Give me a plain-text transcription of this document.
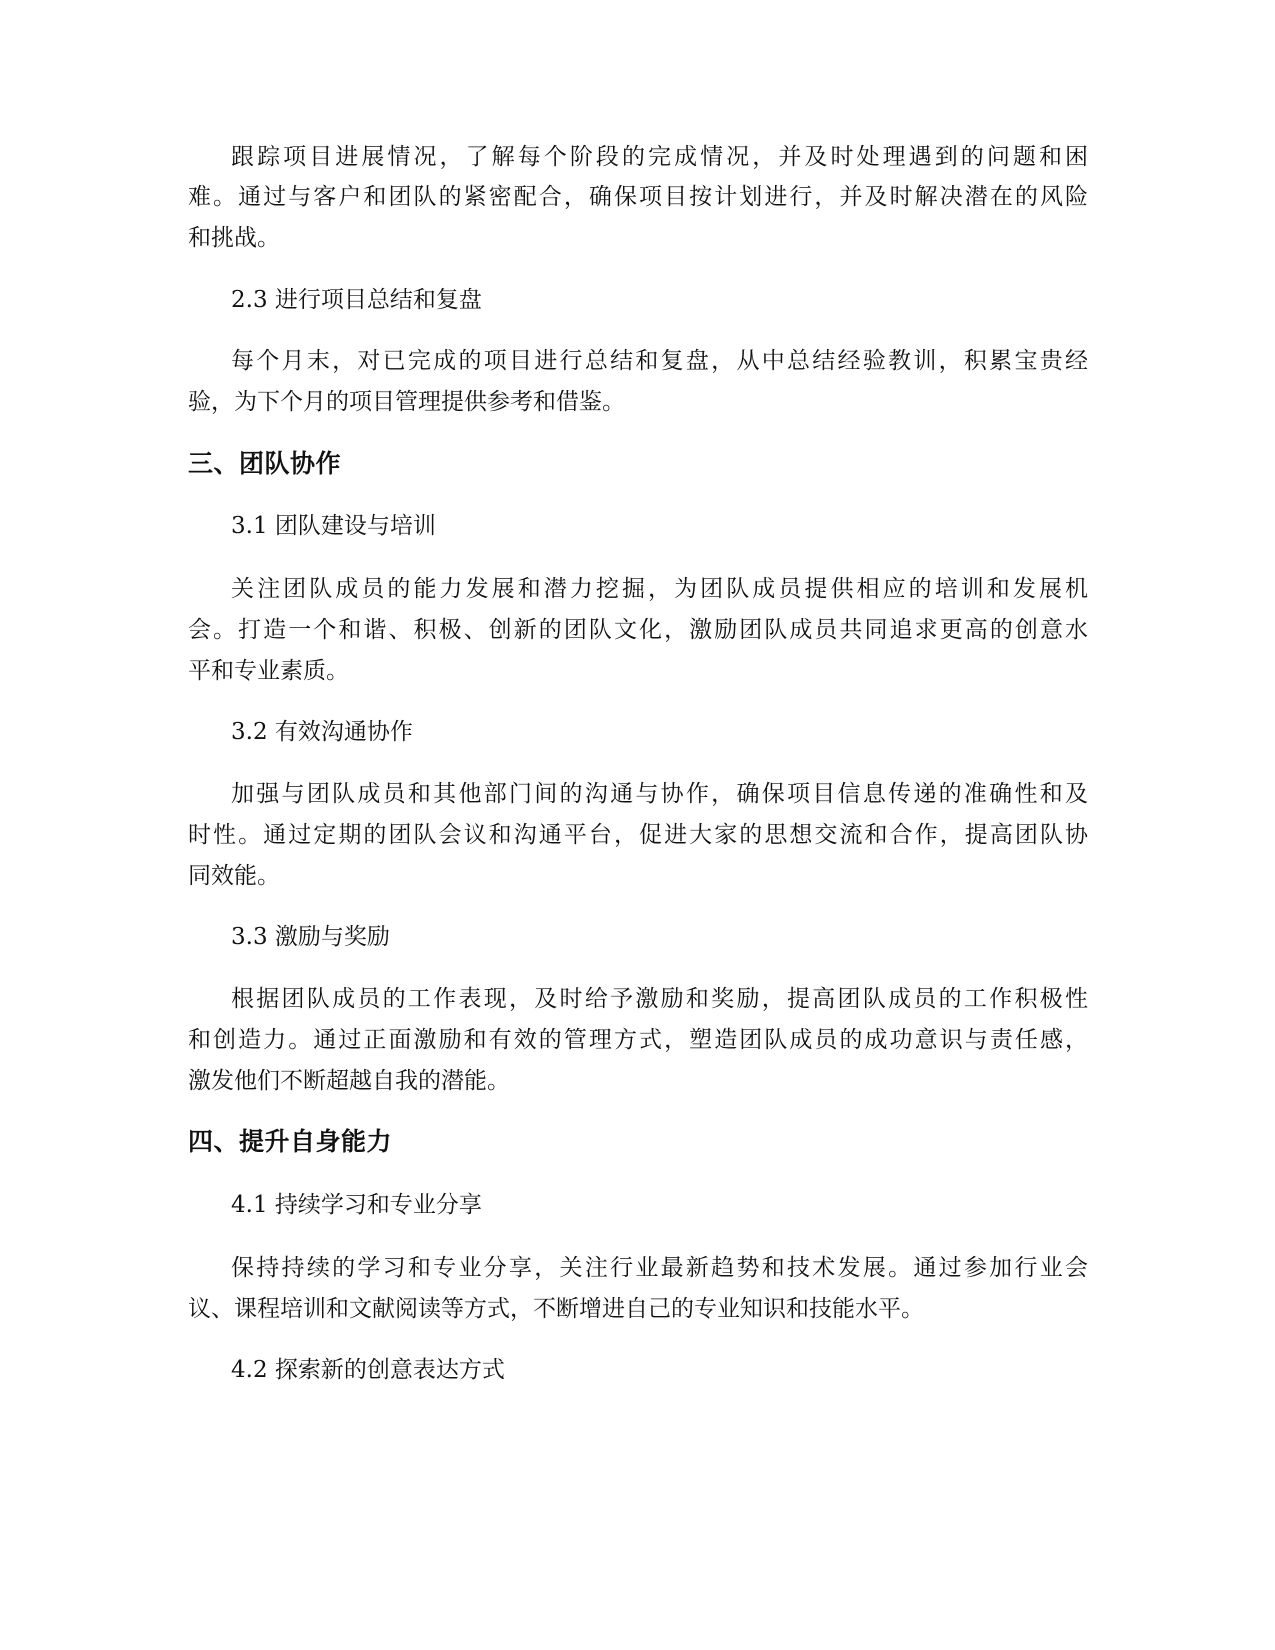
跟踪项目进展情况，了解每个阶段的完成情况，并及时处理遇到的问题和困
难。通过与客户和团队的紧密配合，确保项目按计划进行，并及时解决潜在的风险
和挑战。
2.3 进行项目总结和复盘
每个月末，对已完成的项目进行总结和复盘，从中总结经验教训，积累宝贵经
验，为下个月的项目管理提供参考和借鉴。
三、团队协作
3.1 团队建设与培训
关注团队成员的能力发展和潜力挖掘，为团队成员提供相应的培训和发展机
会。打造一个和谐、积极、创新的团队文化，激励团队成员共同追求更高的创意水
平和专业素质。
3.2 有效沟通协作
加强与团队成员和其他部门间的沟通与协作，确保项目信息传递的准确性和及
时性。通过定期的团队会议和沟通平台，促进大家的思想交流和合作，提高团队协
同效能。
3.3 激励与奖励
根据团队成员的工作表现，及时给予激励和奖励，提高团队成员的工作积极性
和创造力。通过正面激励和有效的管理方式，塑造团队成员的成功意识与责任感，
激发他们不断超越自我的潜能。
四、提升自身能力
4.1 持续学习和专业分享
保持持续的学习和专业分享，关注行业最新趋势和技术发展。通过参加行业会
议、课程培训和文献阅读等方式，不断增进自己的专业知识和技能水平。
4.2 探索新的创意表达方式
